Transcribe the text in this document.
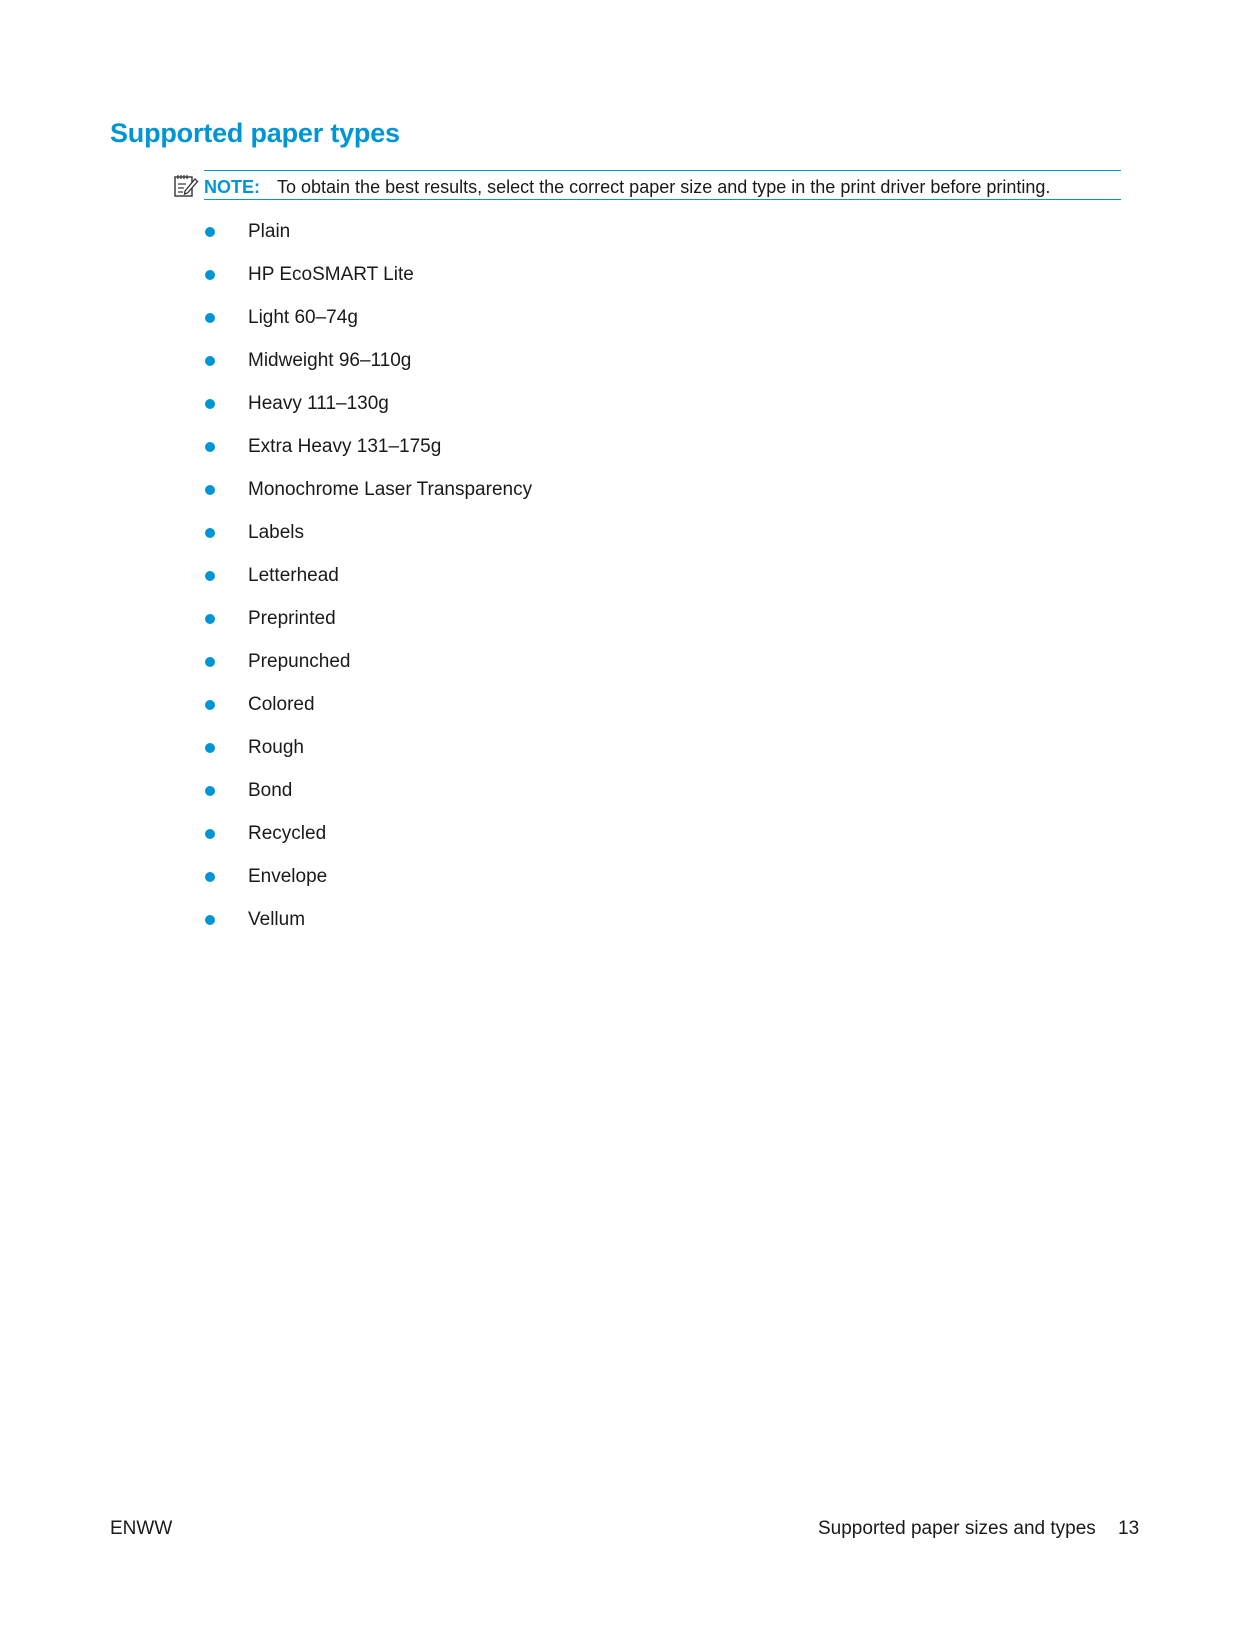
Supported paper types
NOTE: To obtain the best results, select the correct paper size and type in the print driver before printing.
Plain
HP EcoSMART Lite
Light 60–74g
Midweight 96–110g
Heavy 111–130g
Extra Heavy 131–175g
Monochrome Laser Transparency
Labels
Letterhead
Preprinted
Prepunched
Colored
Rough
Bond
Recycled
Envelope
Vellum
ENWW	Supported paper sizes and types 13
